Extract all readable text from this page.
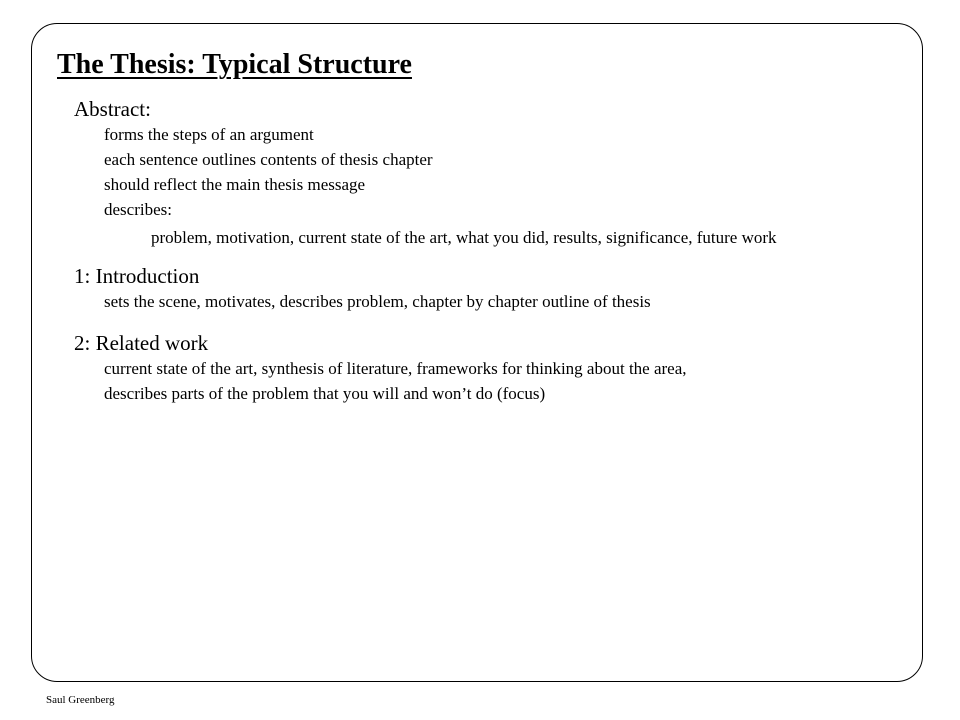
The Thesis: Typical Structure
Abstract:
forms the steps of an argument
each sentence outlines contents of thesis chapter
should reflect the main thesis message
describes:
problem, motivation, current state of the art, what you did, results, significance, future work
1: Introduction
sets the scene, motivates, describes problem, chapter by chapter outline of thesis
2: Related work
current state of the art, synthesis of literature, frameworks for thinking about the area,
describes parts of the problem that you will and won’t do (focus)
Saul Greenberg
